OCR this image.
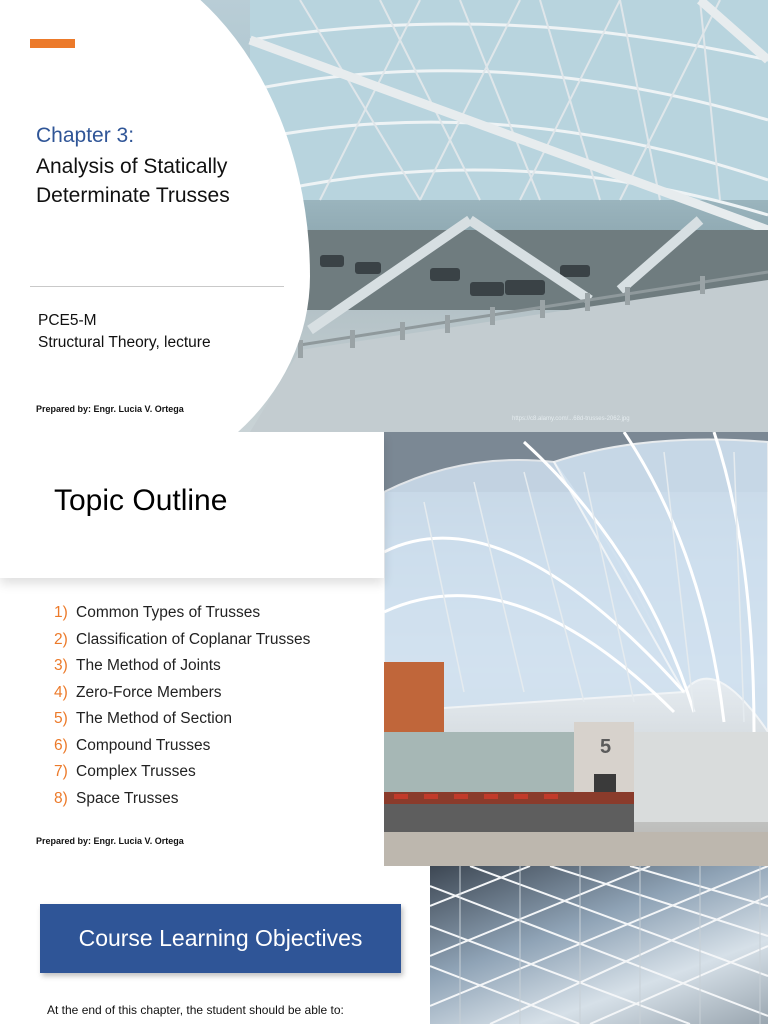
Chapter 3:
Analysis of Statically
Determinate Trusses
PCE5-M
Structural Theory, lecture
Prepared by: Engr. Lucia V. Ortega
https://c8.alamy.com/...68d-trusses-2062.jpg
5
Topic Outline
1) Common Types of Trusses
2) Classification of Coplanar Trusses
3) The Method of Joints
4) Zero-Force Members
5) The Method of Section
6) Compound Trusses
7) Complex Trusses
8) Space Trusses
Prepared by: Engr. Lucia V. Ortega
Course Learning Objectives
At the end of this chapter, the student should be able to:
